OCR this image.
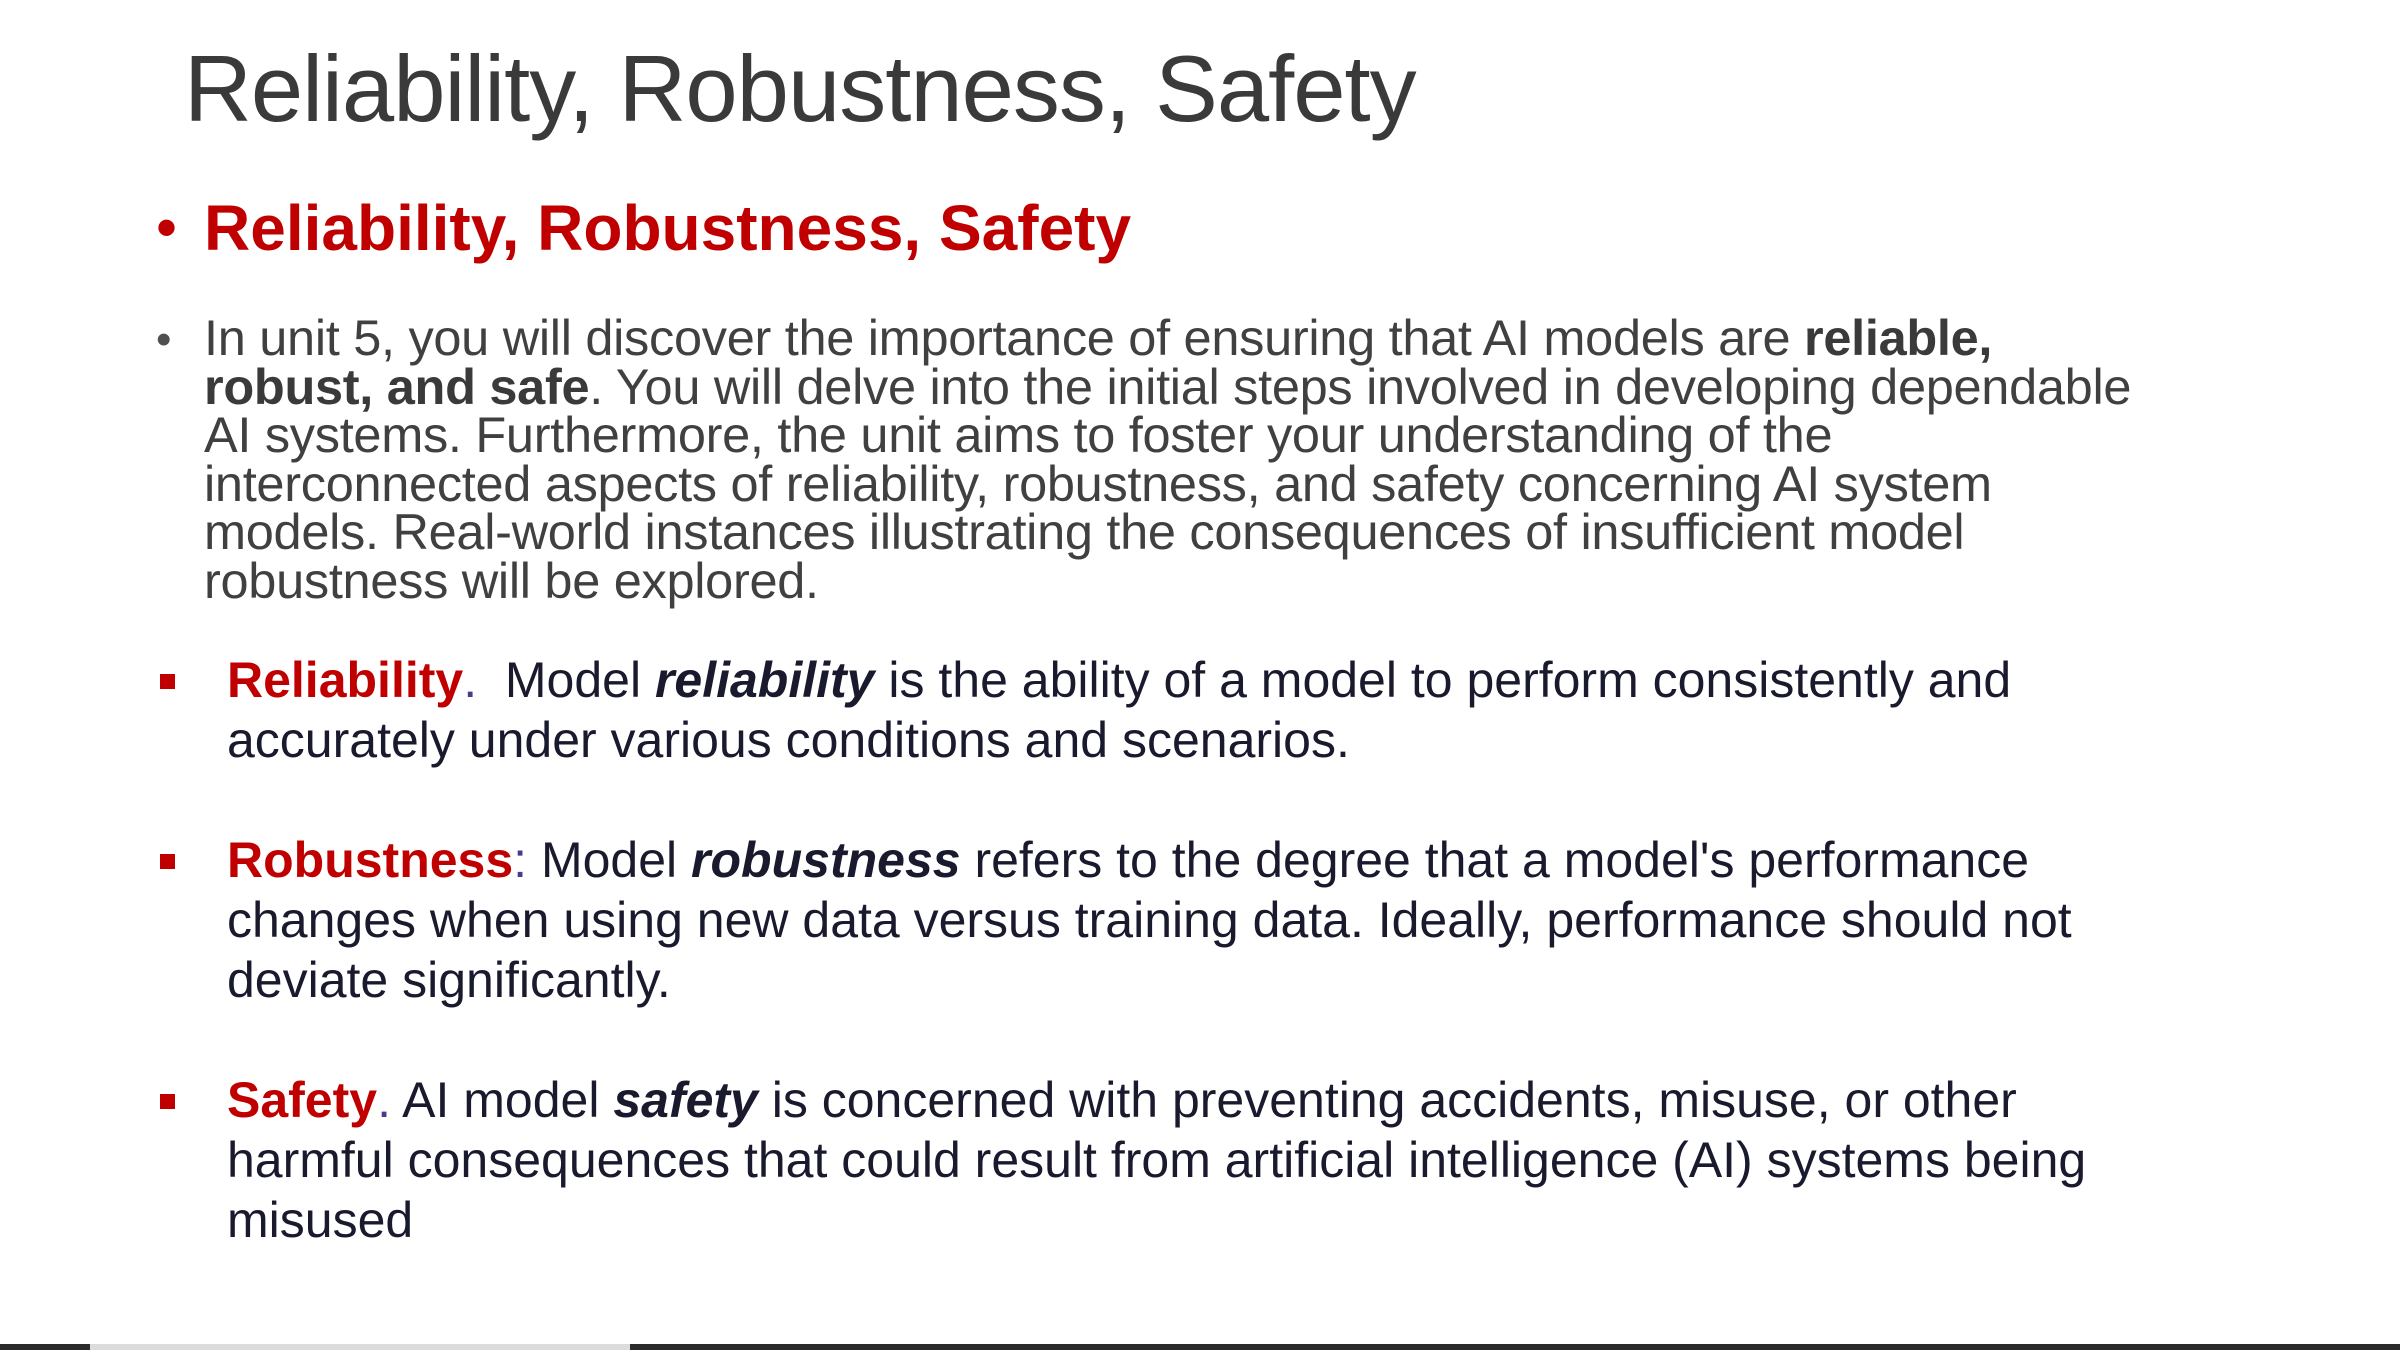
Reliability, Robustness, Safety
• Reliability, Robustness, Safety
• In unit 5, you will discover the importance of ensuring that AI models are reliable, robust, and safe. You will delve into the initial steps involved in developing dependable AI systems. Furthermore, the unit aims to foster your understanding of the interconnected aspects of reliability, robustness, and safety concerning AI system models. Real-world instances illustrating the consequences of insufficient model robustness will be explored.
Reliability.  Model reliability is the ability of a model to perform consistently and accurately under various conditions and scenarios.
Robustness: Model robustness refers to the degree that a model's performance changes when using new data versus training data. Ideally, performance should not deviate significantly.
Safety. AI model safety is concerned with preventing accidents, misuse, or other harmful consequences that could result from artificial intelligence (AI) systems being misused
